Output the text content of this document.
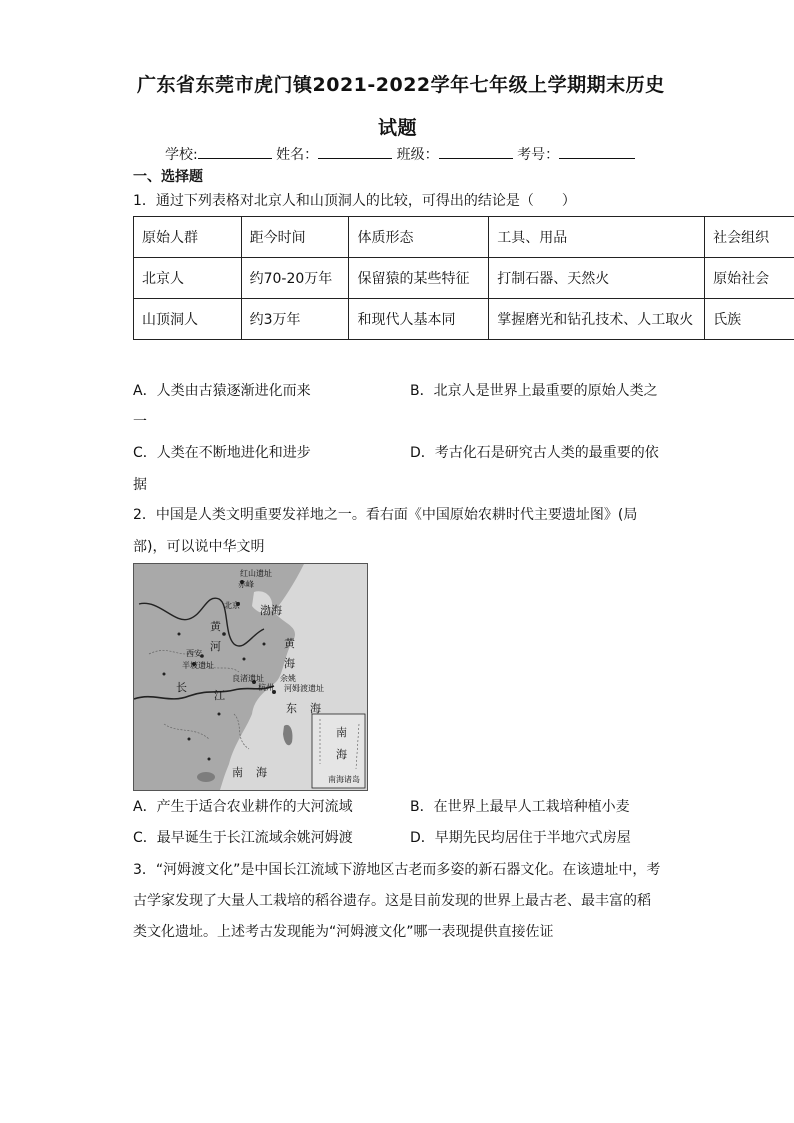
广东省东莞市虎门镇2021-2022学年七年级上学期期末历史
试题
学校:	姓名：	班级：	考号：
一、选择题
1．通过下列表格对北京人和山顶洞人的比较，可得出的结论是（　　）
原始人群	距今时间	体质形态	工具、用品	社会组织
北京人	约70-20万年	保留猿的某些特征	打制石器、天然火	原始社会
山顶洞人	约3万年	和现代人基本同	掌握磨光和钻孔技术、人工取火	氏族
A．人类由古猿逐渐进化而来	B．北京人是世界上最重要的原始人类之
一
C．人类在不断地进化和进步	D．考古化石是研究古人类的最重要的依
据
2．中国是人类文明重要发祥地之一。看右面《中国原始农耕时代主要遗址图》(局
部)，可以说中华文明
红山遗址
赤峰
北京 渤海
黄
河	黄
海
西安
半坡遗址
良渚遗址 余姚
河姆渡遗址
杭州
长
江
东 海
南 海
南
海
南海诸岛
A．产生于适合农业耕作的大河流域	B．在世界上最早人工栽培种植小麦
C．最早诞生于长江流域余姚河姆渡	D．早期先民均居住于半地穴式房屋
3．“河姆渡文化”是中国长江流域下游地区古老而多姿的新石器文化。在该遗址中，考
古学家发现了大量人工栽培的稻谷遗存。这是目前发现的世界上最古老、最丰富的稻
类文化遗址。上述考古发现能为“河姆渡文化”哪一表现提供直接佐证
